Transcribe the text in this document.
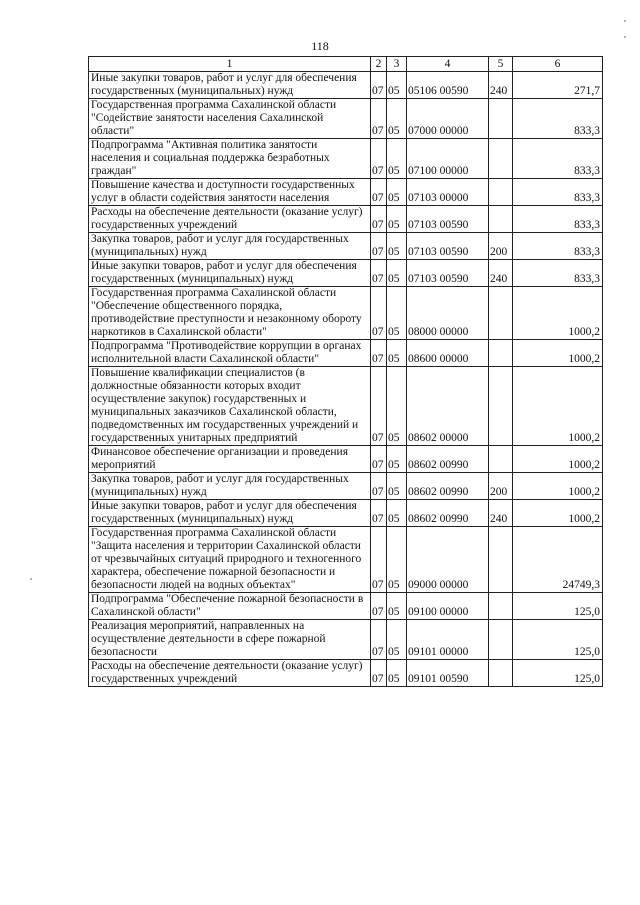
118
1	2	3	4	5	6
Иные закупки товаров, работ и услуг для обеспечения государственных (муниципальных) нужд	07	05	05106 00590	240	271,7
Государственная программа Сахалинской области "Содействие занятости населения Сахалинской области"	07	05	07000 00000		833,3
Подпрограмма "Активная политика занятости населения и социальная поддержка безработных граждан"	07	05	07100 00000		833,3
Повышение качества и доступности государственных услуг в области содействия занятости населения	07	05	07103 00000		833,3
Расходы на обеспечение деятельности (оказание услуг) государственных учреждений	07	05	07103 00590		833,3
Закупка товаров, работ и услуг для государственных (муниципальных) нужд	07	05	07103 00590	200	833,3
Иные закупки товаров, работ и услуг для обеспечения государственных (муниципальных) нужд	07	05	07103 00590	240	833,3
Государственная программа Сахалинской области "Обеспечение общественного порядка, противодействие преступности и незаконному обороту наркотиков в Сахалинской области"	07	05	08000 00000		1000,2
Подпрограмма "Противодействие коррупции в органах исполнительной власти Сахалинской области"	07	05	08600 00000		1000,2
Повышение квалификации специалистов (в должностные обязанности которых входит осуществление закупок) государственных и муниципальных заказчиков Сахалинской области, подведомственных им государственных учреждений и государственных унитарных предприятий	07	05	08602 00000		1000,2
Финансовое обеспечение организации и проведения мероприятий	07	05	08602 00990		1000,2
Закупка товаров, работ и услуг для государственных (муниципальных) нужд	07	05	08602 00990	200	1000,2
Иные закупки товаров, работ и услуг для обеспечения государственных (муниципальных) нужд	07	05	08602 00990	240	1000,2
Государственная программа Сахалинской области "Защита населения и территории Сахалинской области от чрезвычайных ситуаций природного и техногенного характера, обеспечение пожарной безопасности и безопасности людей на водных объектах"	07	05	09000 00000		24749,3
Подпрограмма "Обеспечение пожарной безопасности в Сахалинской области"	07	05	09100 00000		125,0
Реализация мероприятий, направленных на осуществление деятельности в сфере пожарной безопасности	07	05	09101 00000		125,0
Расходы на обеспечение деятельности (оказание услуг) государственных учреждений	07	05	09101 00590		125,0
